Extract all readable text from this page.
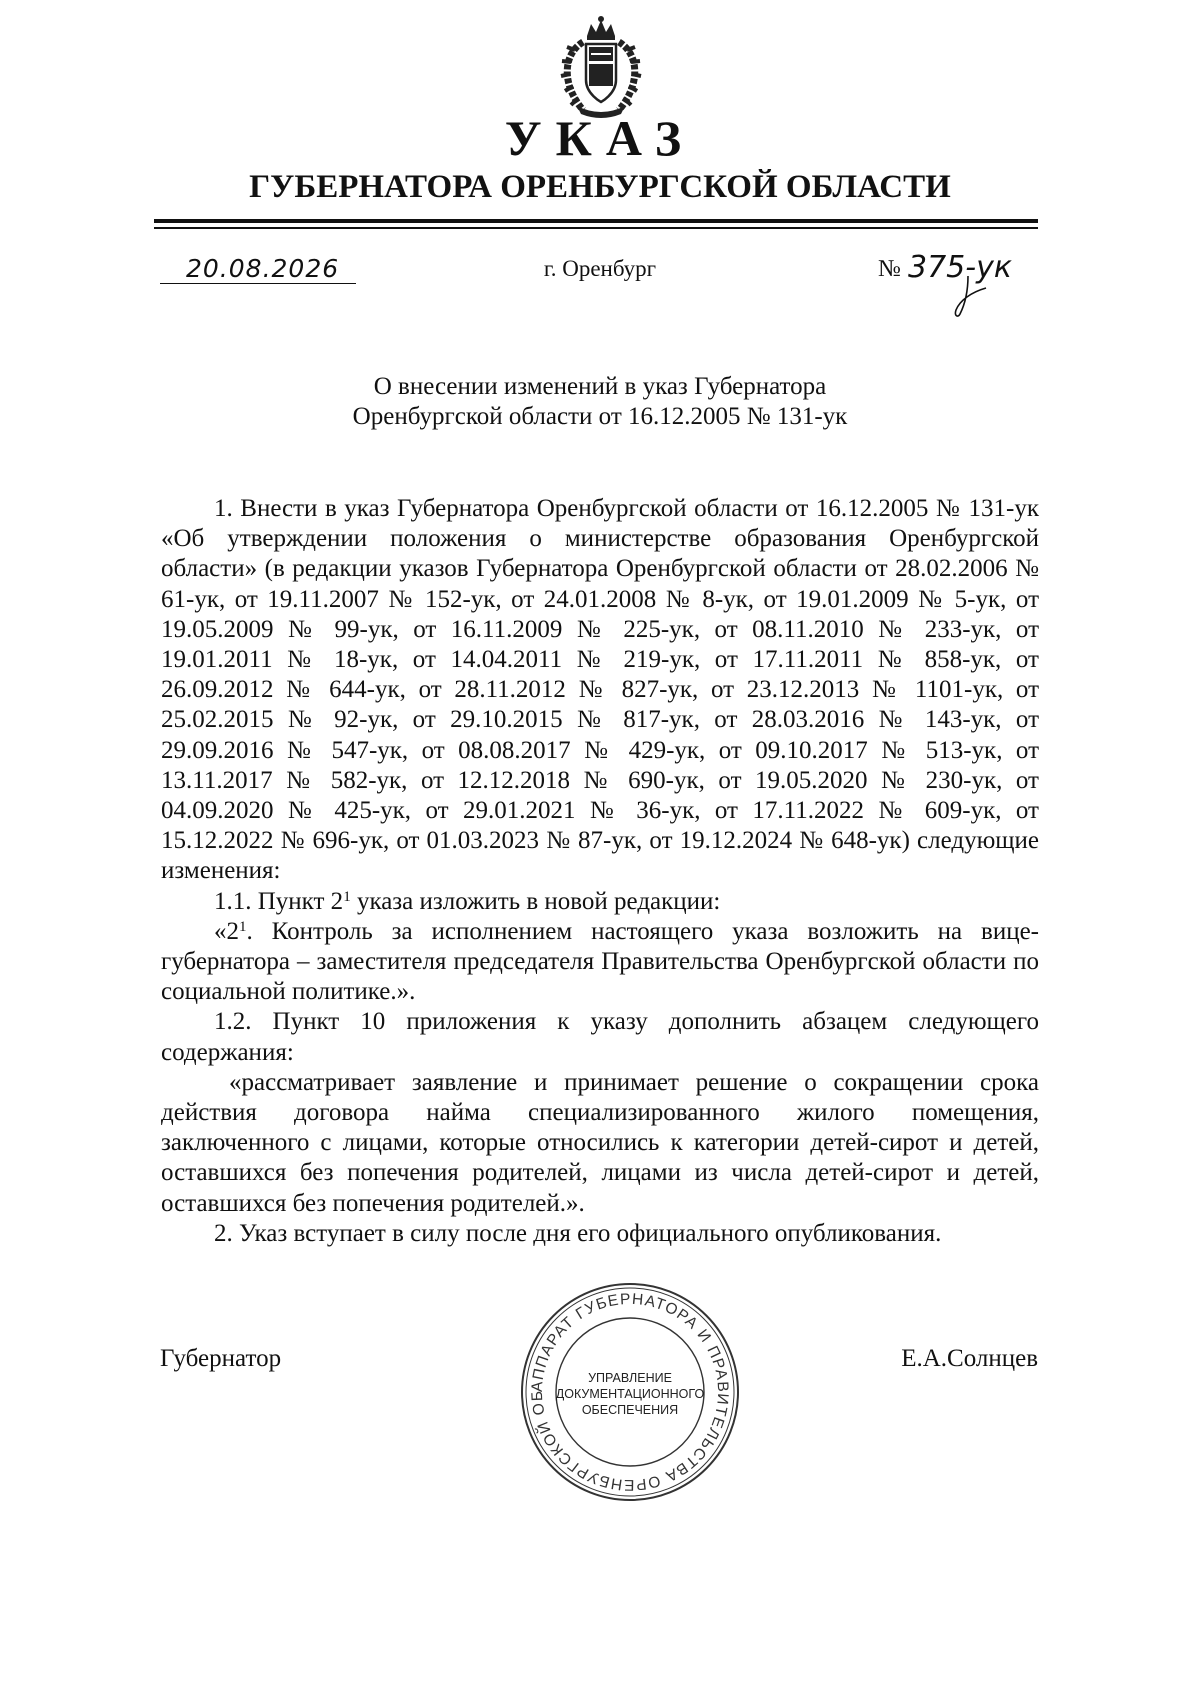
УКАЗ
ГУБЕРНАТОРА ОРЕНБУРГСКОЙ ОБЛАСТИ
20.08.2026	г. Оренбург	№ 375-ук
О внесении изменений в указ Губернатора
Оренбургской области от 16.12.2005 № 131-ук

1. Внести в указ Губернатора Оренбургской области от 16.12.2005 № 131-ук «Об утверждении положения о министерстве образования Оренбургской области» (в редакции указов Губернатора Оренбургской области от 28.02.2006 № 61-ук, от 19.11.2007 № 152-ук, от 24.01.2008 № 8-ук, от 19.01.2009 № 5-ук, от 19.05.2009 № 99-ук, от 16.11.2009 № 225-ук, от 08.11.2010 № 233-ук, от 19.01.2011 № 18-ук, от 14.04.2011 № 219-ук, от 17.11.2011 № 858-ук, от 26.09.2012 № 644-ук, от 28.11.2012 № 827-ук, от 23.12.2013 № 1101-ук, от 25.02.2015 № 92-ук, от 29.10.2015 № 817-ук, от 28.03.2016 № 143-ук, от 29.09.2016 № 547-ук, от 08.08.2017 № 429-ук, от 09.10.2017 № 513-ук, от 13.11.2017 № 582-ук, от 12.12.2018 № 690-ук, от 19.05.2020 № 230-ук, от 04.09.2020 № 425-ук, от 29.01.2021 № 36-ук, от 17.11.2022 № 609-ук, от 15.12.2022 № 696-ук, от 01.03.2023 № 87-ук, от 19.12.2024 № 648-ук) следующие изменения:

1.1. Пункт $2^1$ указа изложить в новой редакции:

«$2^1$. Контроль за исполнением настоящего указа возложить на вице-губернатора – заместителя председателя Правительства Оренбургской области по социальной политике.».

1.2. Пункт 10 приложения к указу дополнить абзацем следующего содержания:

«рассматривает заявление и принимает решение о сокращении срока действия договора найма специализированного жилого помещения, заключенного с лицами, которые относились к категории детей-сирот и детей, оставшихся без попечения родителей, лицами из числа детей-сирот и детей, оставшихся без попечения родителей.».

2. Указ вступает в силу после дня его официального опубликования.

Губернатор	Е.А.Солнцев
АППАРАТ ГУБЕРНАТОРА И ПРАВИТЕЛЬСТВА ОРЕНБУРГСКОЙ ОБ
УПРАВЛЕНИЕ
ДОКУМЕНТАЦИОННОГО
ОБЕСПЕЧЕНИЯ
